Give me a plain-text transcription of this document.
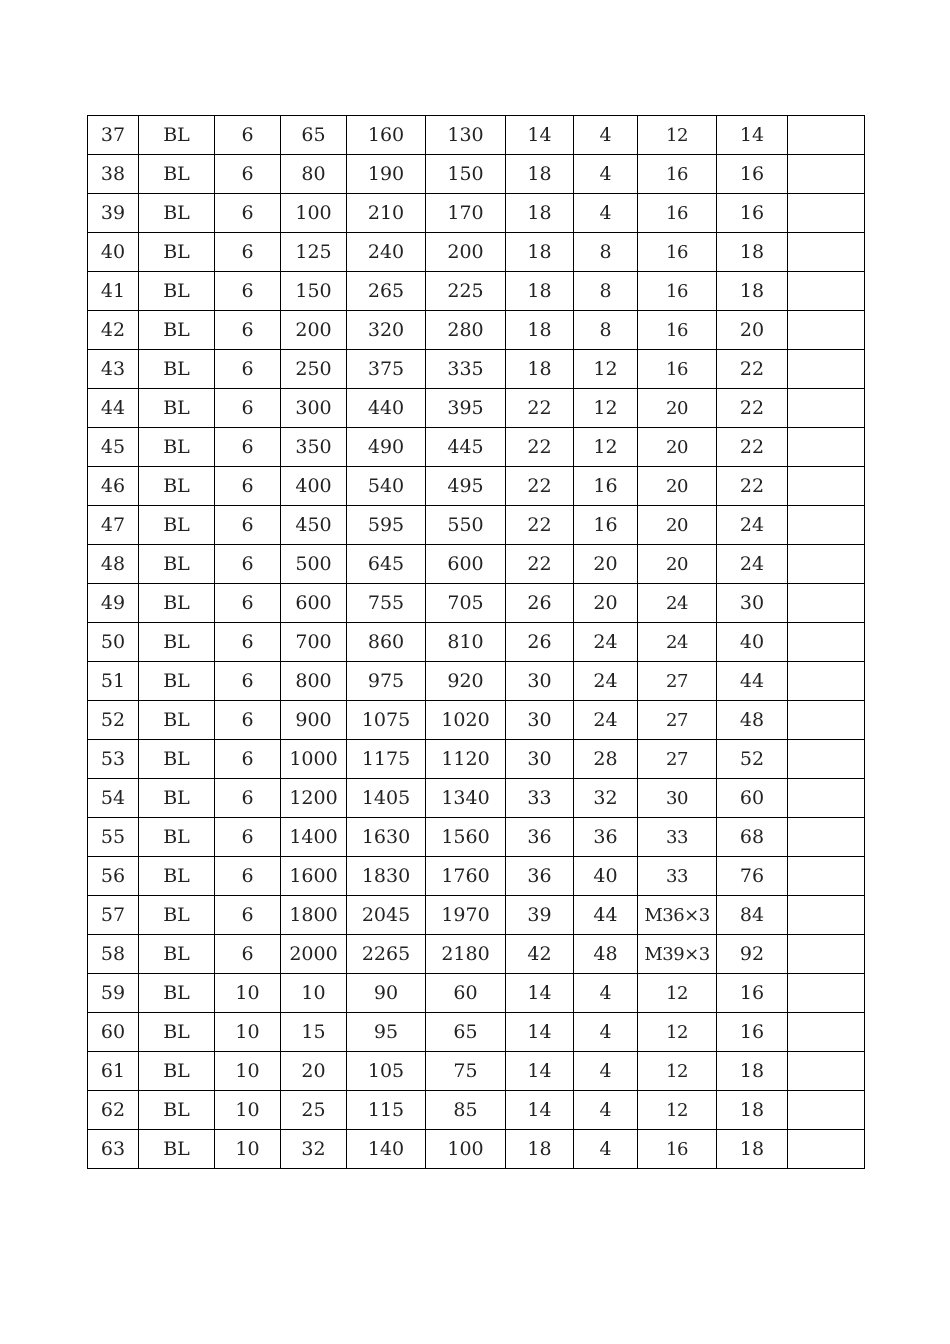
37	BL	6	65	160	130	14	4	12	14	
38	BL	6	80	190	150	18	4	16	16	
39	BL	6	100	210	170	18	4	16	16	
40	BL	6	125	240	200	18	8	16	18	
41	BL	6	150	265	225	18	8	16	18	
42	BL	6	200	320	280	18	8	16	20	
43	BL	6	250	375	335	18	12	16	22	
44	BL	6	300	440	395	22	12	20	22	
45	BL	6	350	490	445	22	12	20	22	
46	BL	6	400	540	495	22	16	20	22	
47	BL	6	450	595	550	22	16	20	24	
48	BL	6	500	645	600	22	20	20	24	
49	BL	6	600	755	705	26	20	24	30	
50	BL	6	700	860	810	26	24	24	40	
51	BL	6	800	975	920	30	24	27	44	
52	BL	6	900	1075	1020	30	24	27	48	
53	BL	6	1000	1175	1120	30	28	27	52	
54	BL	6	1200	1405	1340	33	32	30	60	
55	BL	6	1400	1630	1560	36	36	33	68	
56	BL	6	1600	1830	1760	36	40	33	76	
57	BL	6	1800	2045	1970	39	44	M36×3	84	
58	BL	6	2000	2265	2180	42	48	M39×3	92	
59	BL	10	10	90	60	14	4	12	16	
60	BL	10	15	95	65	14	4	12	16	
61	BL	10	20	105	75	14	4	12	18	
62	BL	10	25	115	85	14	4	12	18	
63	BL	10	32	140	100	18	4	16	18	
